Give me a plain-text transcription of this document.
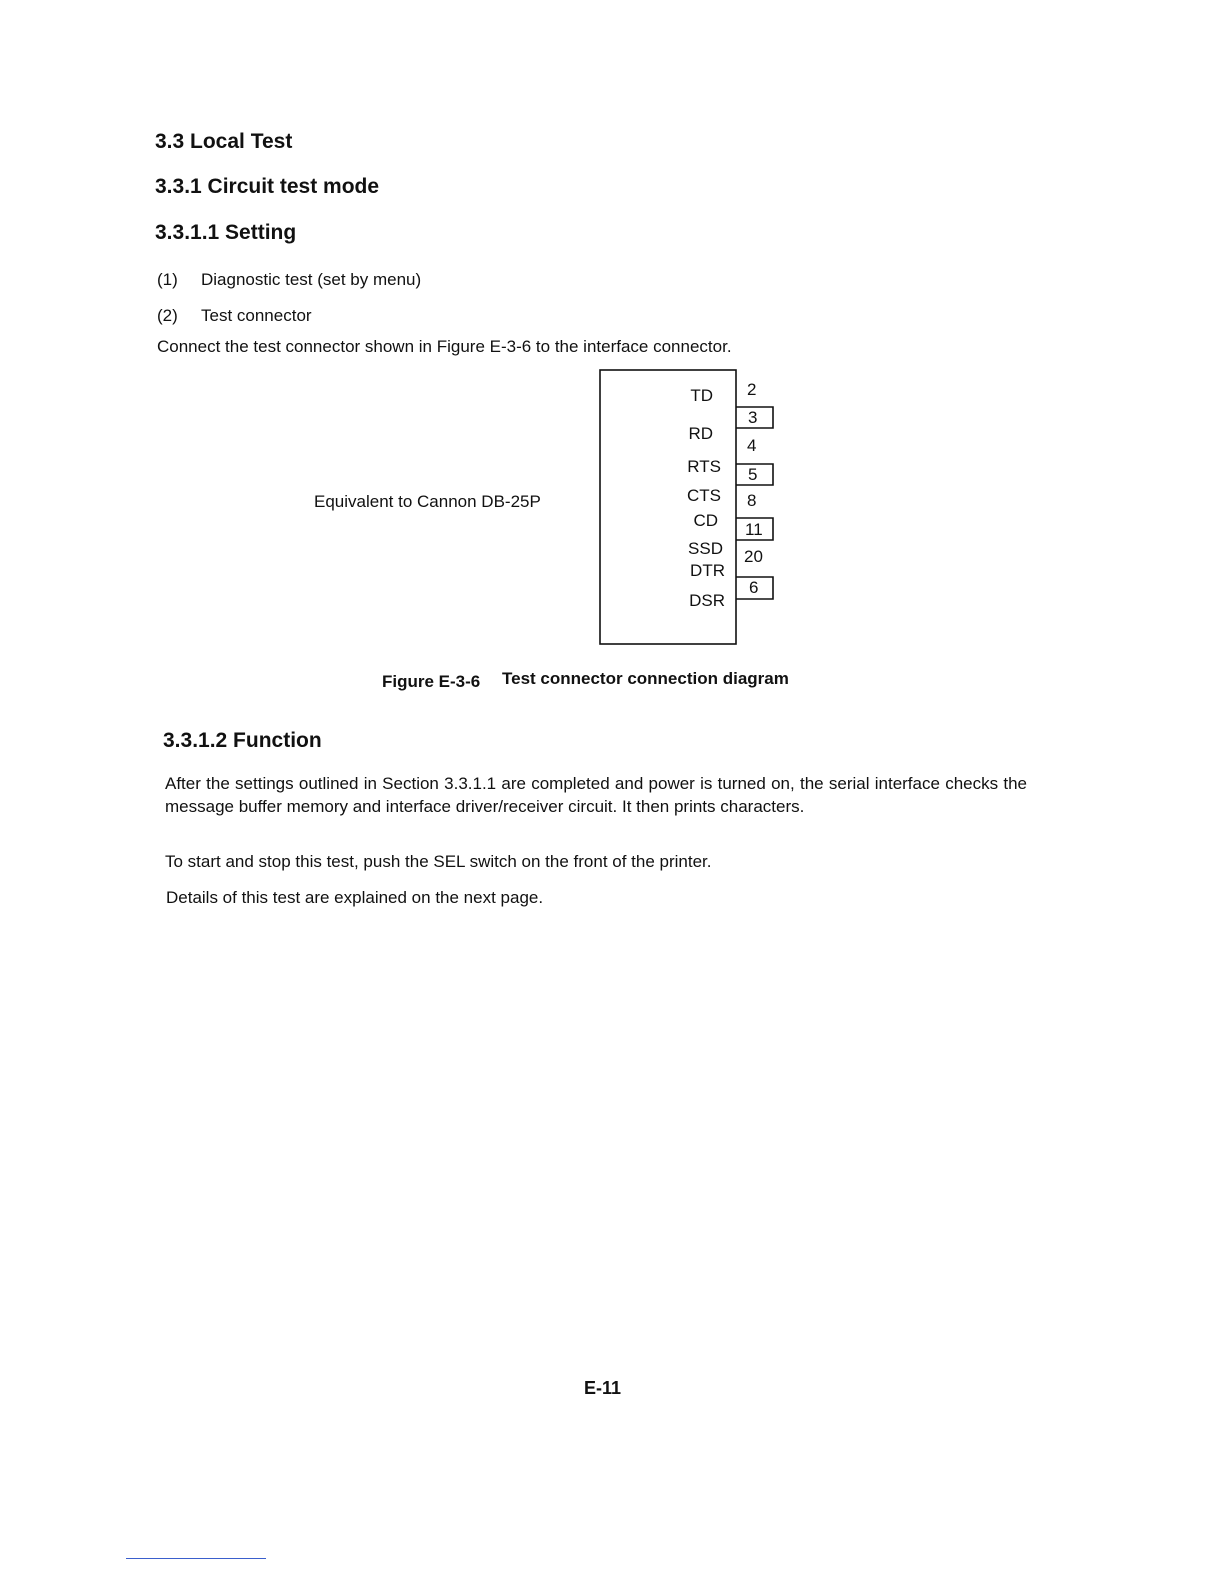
3.3 Local Test
3.3.1 Circuit test mode
3.3.1.1 Setting
(1) Diagnostic test (set by menu)
(2) Test connector
Connect the test connector shown in Figure E-3-6 to the interface connector.
Equivalent to Cannon DB-25P
TD
RD
RTS
CTS
CD
SSD
DTR
DSR
2
3
4
5
8
11
20
6
Figure E-3-6 Test connector connection diagram
3.3.1.2 Function
After the settings outlined in Section 3.3.1.1 are completed and power is turned on, the serial interface checks the message buffer memory and interface driver/receiver circuit. It then prints characters.
To start and stop this test, push the SEL switch on the front of the printer.
Details of this test are explained on the next page.
E-11
